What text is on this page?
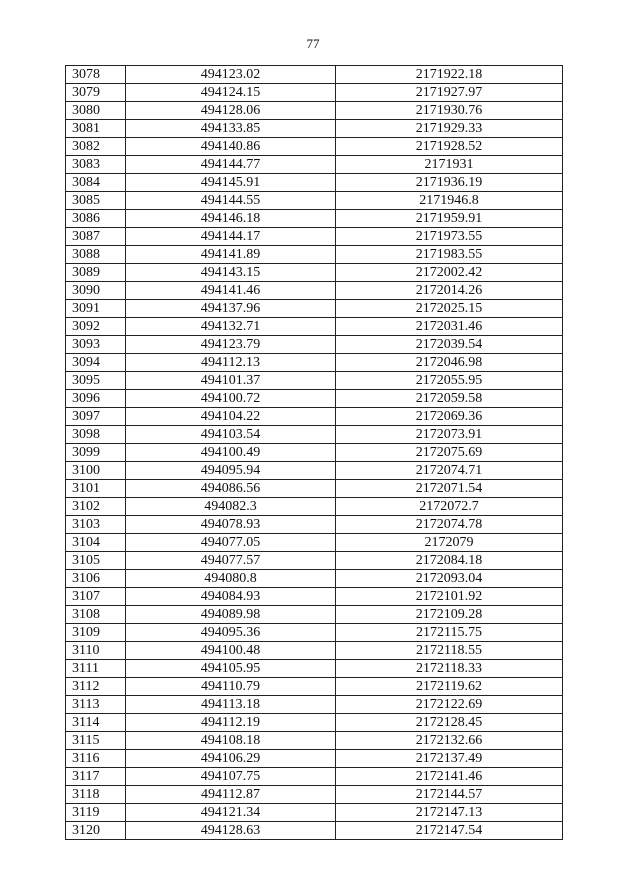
77
3078	494123.02	2171922.18
3079	494124.15	2171927.97
3080	494128.06	2171930.76
3081	494133.85	2171929.33
3082	494140.86	2171928.52
3083	494144.77	2171931
3084	494145.91	2171936.19
3085	494144.55	2171946.8
3086	494146.18	2171959.91
3087	494144.17	2171973.55
3088	494141.89	2171983.55
3089	494143.15	2172002.42
3090	494141.46	2172014.26
3091	494137.96	2172025.15
3092	494132.71	2172031.46
3093	494123.79	2172039.54
3094	494112.13	2172046.98
3095	494101.37	2172055.95
3096	494100.72	2172059.58
3097	494104.22	2172069.36
3098	494103.54	2172073.91
3099	494100.49	2172075.69
3100	494095.94	2172074.71
3101	494086.56	2172071.54
3102	494082.3	2172072.7
3103	494078.93	2172074.78
3104	494077.05	2172079
3105	494077.57	2172084.18
3106	494080.8	2172093.04
3107	494084.93	2172101.92
3108	494089.98	2172109.28
3109	494095.36	2172115.75
3110	494100.48	2172118.55
3111	494105.95	2172118.33
3112	494110.79	2172119.62
3113	494113.18	2172122.69
3114	494112.19	2172128.45
3115	494108.18	2172132.66
3116	494106.29	2172137.49
3117	494107.75	2172141.46
3118	494112.87	2172144.57
3119	494121.34	2172147.13
3120	494128.63	2172147.54
